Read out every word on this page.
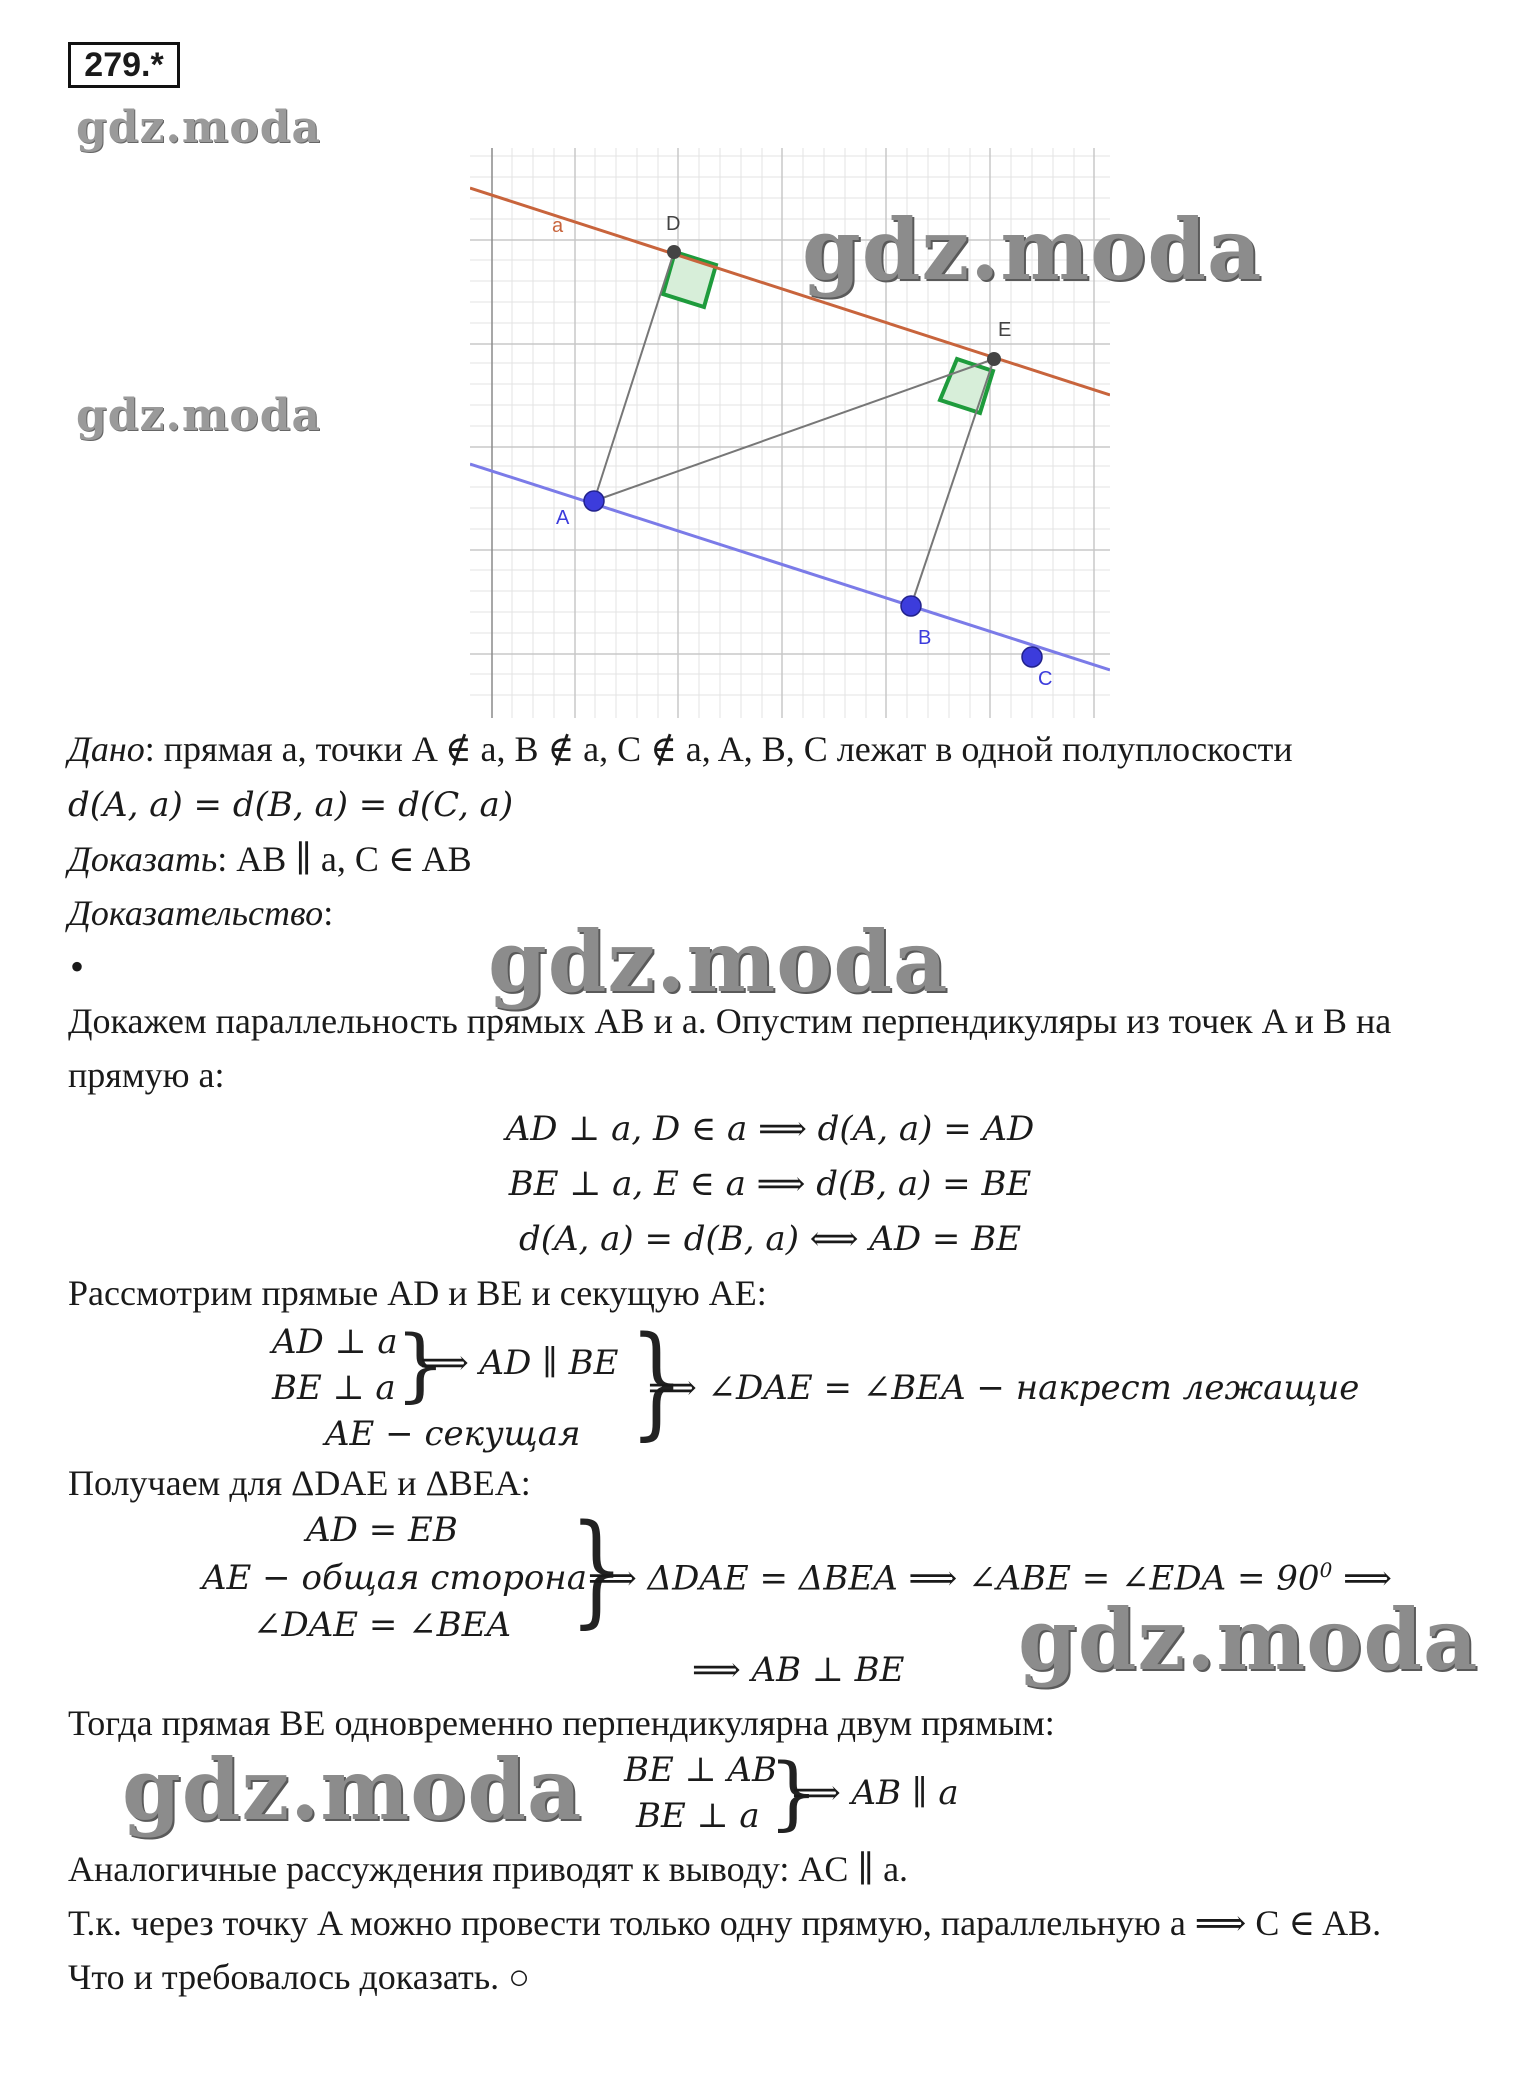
279.*
gdz.moda
gdz.moda
a	D
E
A
B
C
gdz.moda
Дано: прямая a, точки A ∉ a, B ∉ a, C ∉ a, A, B, C лежат в одной полуплоскости
d(A, a) = d(B, a) = d(C, a)
Доказать: AB ∥ a, C ∈ AB
Доказательство:
•	gdz.moda
Докажем параллельность прямых AB и a. Опустим перпендикуляры из точек A и B на
прямую a:
AD ⊥ a, D ∈ a ⟹ d(A, a) = AD
BE ⊥ a, E ∈ a ⟹ d(B, a) = BE
d(A, a) = d(B, a) ⟺ AD = BE
Рассмотрим прямые AD и BE и секущую AE:
AD ⊥ a
BE ⊥ a }
⟹ AD ∥ BE
AE − секущая }
⟹ ∠DAE = ∠BEA − накрест лежащие
Получаем для ΔDAE и ΔBEA:
AD = EB
AE − общая сторона
∠DAE = ∠BEA }
⟹ ΔDAE = ΔBEA ⟹ ∠ABE = ∠EDA = $90^0$ ⟹
⟹ AB ⊥ BE gdz.moda
Тогда прямая BE одновременно перпендикулярна двум прямым:
gdz.moda BE ⊥ AB
BE ⊥ a }
⟹ AB ∥ a
Аналогичные рассуждения приводят к выводу: AC ∥ a.
Т.к. через точку A можно провести только одну прямую, параллельную a ⟹ C ∈ AB.
Что и требовалось доказать. ○
